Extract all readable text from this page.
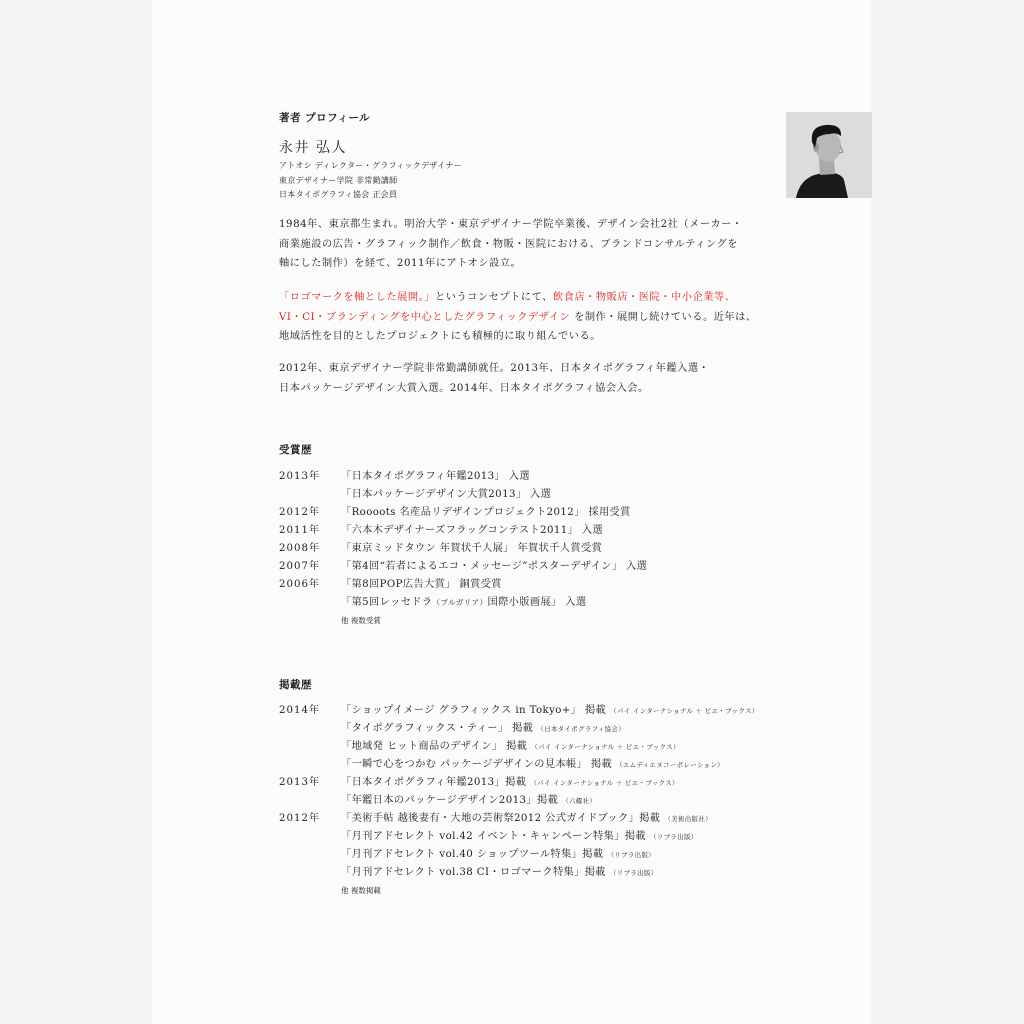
著者 プロフィール
永井 弘人
アトオシ ディレクター・グラフィックデザイナー
東京デザイナー学院 非常勤講師
日本タイポグラフィ協会 正会員
1984年、東京都生まれ。明治大学・東京デザイナー学院卒業後、デザイン会社2社（メーカー・
商業施設の広告・グラフィック制作／飲食・物販・医院における、ブランドコンサルティングを
軸にした制作）を経て、2011年にアトオシ設立。
「ロゴマークを軸とした展開。」というコンセプトにて、飲食店・物販店・医院・中小企業等、
VI・CI・ブランディングを中心としたグラフィックデザイン を制作・展開し続けている。近年は、
地域活性を目的としたプロジェクトにも積極的に取り組んでいる。
2012年、東京デザイナー学院非常勤講師就任。2013年、日本タイポグラフィ年鑑入選・
日本パッケージデザイン大賞入選。2014年、日本タイポグラフィ協会入会。
受賞歴
2013年	「日本タイポグラフィ年鑑2013」 入選
「日本パッケージデザイン大賞2013」 入選
2012年	「Roooots 名産品リデザインプロジェクト2012」 採用受賞
2011年	「六本木デザイナーズフラッグコンテスト2011」 入選
2008年	「東京ミッドタウン 年賀状千人展」 年賀状千人賞受賞
2007年	「第4回“若者によるエコ・メッセージ”ポスターデザイン」 入選
2006年	「第8回POP広告大賞」 銅賞受賞
「第5回レッセドラ（ブルガリア）国際小版画展」 入選
他 複数受賞
掲載歴
2014年	「ショップイメージ グラフィックス in Tokyo+」 掲載 （パイ インターナショナル ＋ ピエ・ブックス）
「タイポグラフィックス・ティー」 掲載 （日本タイポグラフィ協会）
「地域発 ヒット商品のデザイン」 掲載 （パイ インターナショナル ＋ ピエ・ブックス）
「一瞬で心をつかむ パッケージデザインの見本帳」 掲載 （エムディエヌコーポレーション）
2013年	「日本タイポグラフィ年鑑2013」掲載 （パイ インターナショナル ＋ ピエ・ブックス）
「年鑑日本のパッケージデザイン2013」掲載 （六耀社）
2012年	「美術手帖 越後妻有・大地の芸術祭2012 公式ガイドブック」掲載 （美術出版社）
「月刊アドセレクト vol.42 イベント・キャンペーン特集」掲載 （リブラ出版）
「月刊アドセレクト vol.40 ショップツール特集」掲載 （リブラ出版）
「月刊アドセレクト vol.38 CI・ロゴマーク特集」掲載 （リブラ出版）
他 複数掲載
